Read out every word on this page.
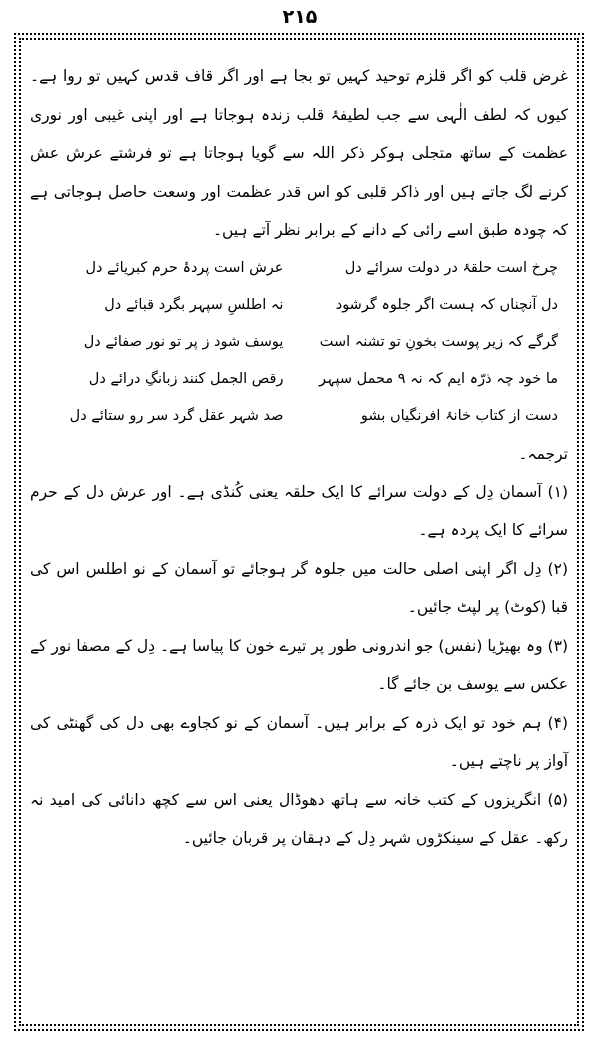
۲۱۵

غرض قلب کو اگر قلزم توحید کہیں تو بجا ہے اور اگر قاف قدس کہیں تو روا ہے۔ کیوں کہ لطف الٰہی سے جب لطیفۂ قلب زندہ ہوجاتا ہے اور اپنی غیبی اور نوری عظمت کے ساتھ متجلی ہوکر ذکر اللہ سے گویا ہوجاتا ہے تو فرشتے عرش عش کرنے لگ جاتے ہیں اور ذاکر قلبی کو اس قدر عظمت اور وسعت حاصل ہوجاتی ہے کہ چودہ طبق اسے رائی کے دانے کے برابر نظر آتے ہیں۔

چرخ است حلقۂ در دولت سرائے دل
عرش است پردۂ حرم کبریائے دل
دل آنچناں کہ ہست اگر جلوہ گرشود
نہ اطلسِ سپہر بگرد قبائے دل
گرگے کہ زیر پوست بخونِ تو تشنہ است
یوسف شود ز پر تو نور صفائے دل
ما خود چہ ذرّہ ایم کہ نہ ۹ محمل سپہر
رقص الجمل کنند زبانگِ درائے دل
دست از کتاب خانۂ افرنگیاں بشو
صد شہر عقل گرد سر رو ستائے دل

ترجمہ۔

(۱) آسمان دِل کے دولت سرائے کا ایک حلقہ یعنی کُنڈی ہے۔ اور عرش دل کے حرم سرائے کا ایک پردہ ہے۔

(۲) دِل اگر اپنی اصلی حالت میں جلوہ گر ہوجائے تو آسمان کے نو اطلس اس کی قبا (کوٹ) پر لپٹ جائیں۔

(۳) وہ بھیڑیا (نفس) جو اندرونی طور پر تیرے خون کا پیاسا ہے۔ دِل کے مصفا نور کے عکس سے یوسف بن جائے گا۔

(۴) ہم خود تو ایک ذرہ کے برابر ہیں۔ آسمان کے نو کجاوے بھی دل کی گھنٹی کی آواز پر ناچتے ہیں۔

(۵) انگریزوں کے کتب خانہ سے ہاتھ دھوڈال یعنی اس سے کچھ دانائی کی امید نہ رکھ۔ عقل کے سینکڑوں شہر دِل کے دہقان پر قربان جائیں۔
